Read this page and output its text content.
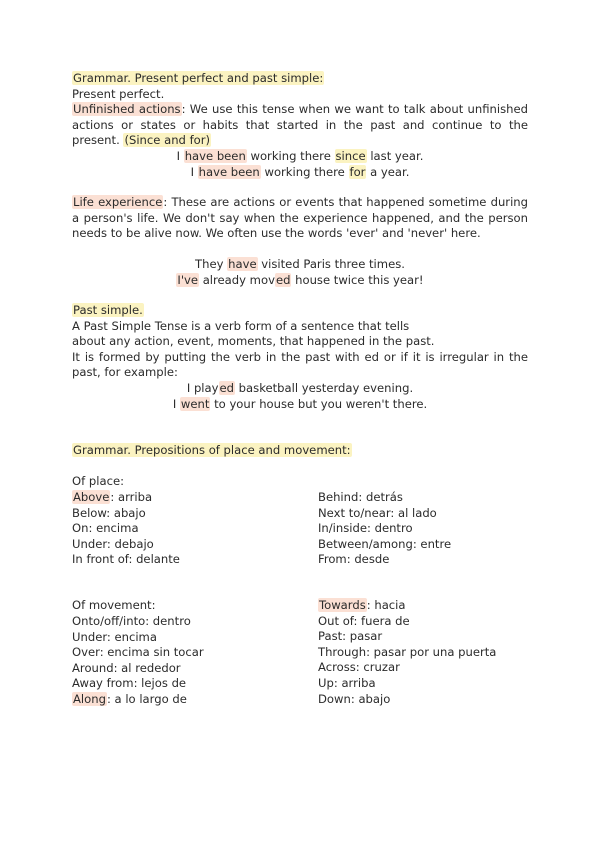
Grammar. Present perfect and past simple:

Present perfect.

Unfinished actions: We use this tense when we want to talk about unfinished actions or states or habits that started in the past and continue to the present. (Since and for)

I have been working there since last year.

I have been working there for a year.

Life experience: These are actions or events that happened sometime during a person's life. We don't say when the experience happened, and the person needs to be alive now. We often use the words 'ever' and 'never' here.

They have visited Paris three times.

I've already moved house twice this year!

Past simple.

A Past Simple Tense is a verb form of a sentence that tells

about any action, event, moments, that happened in the past.

It is formed by putting the verb in the past with ed or if it is irregular in the past, for example:

I played basketball yesterday evening.

I went to your house but you weren't there.

Grammar. Prepositions of place and movement:

Of place:

Above: arriba

Below: abajo

On: encima

Under: debajo

In front of: delante

Behind: detrás

Next to/near: al lado

In/inside: dentro

Between/among: entre

From: desde

Of movement:

Onto/off/into: dentro

Under: encima

Over: encima sin tocar

Around: al rededor

Away from: lejos de

Along: a lo largo de

Towards: hacia

Out of: fuera de

Past: pasar

Through: pasar por una puerta

Across: cruzar

Up: arriba

Down: abajo
